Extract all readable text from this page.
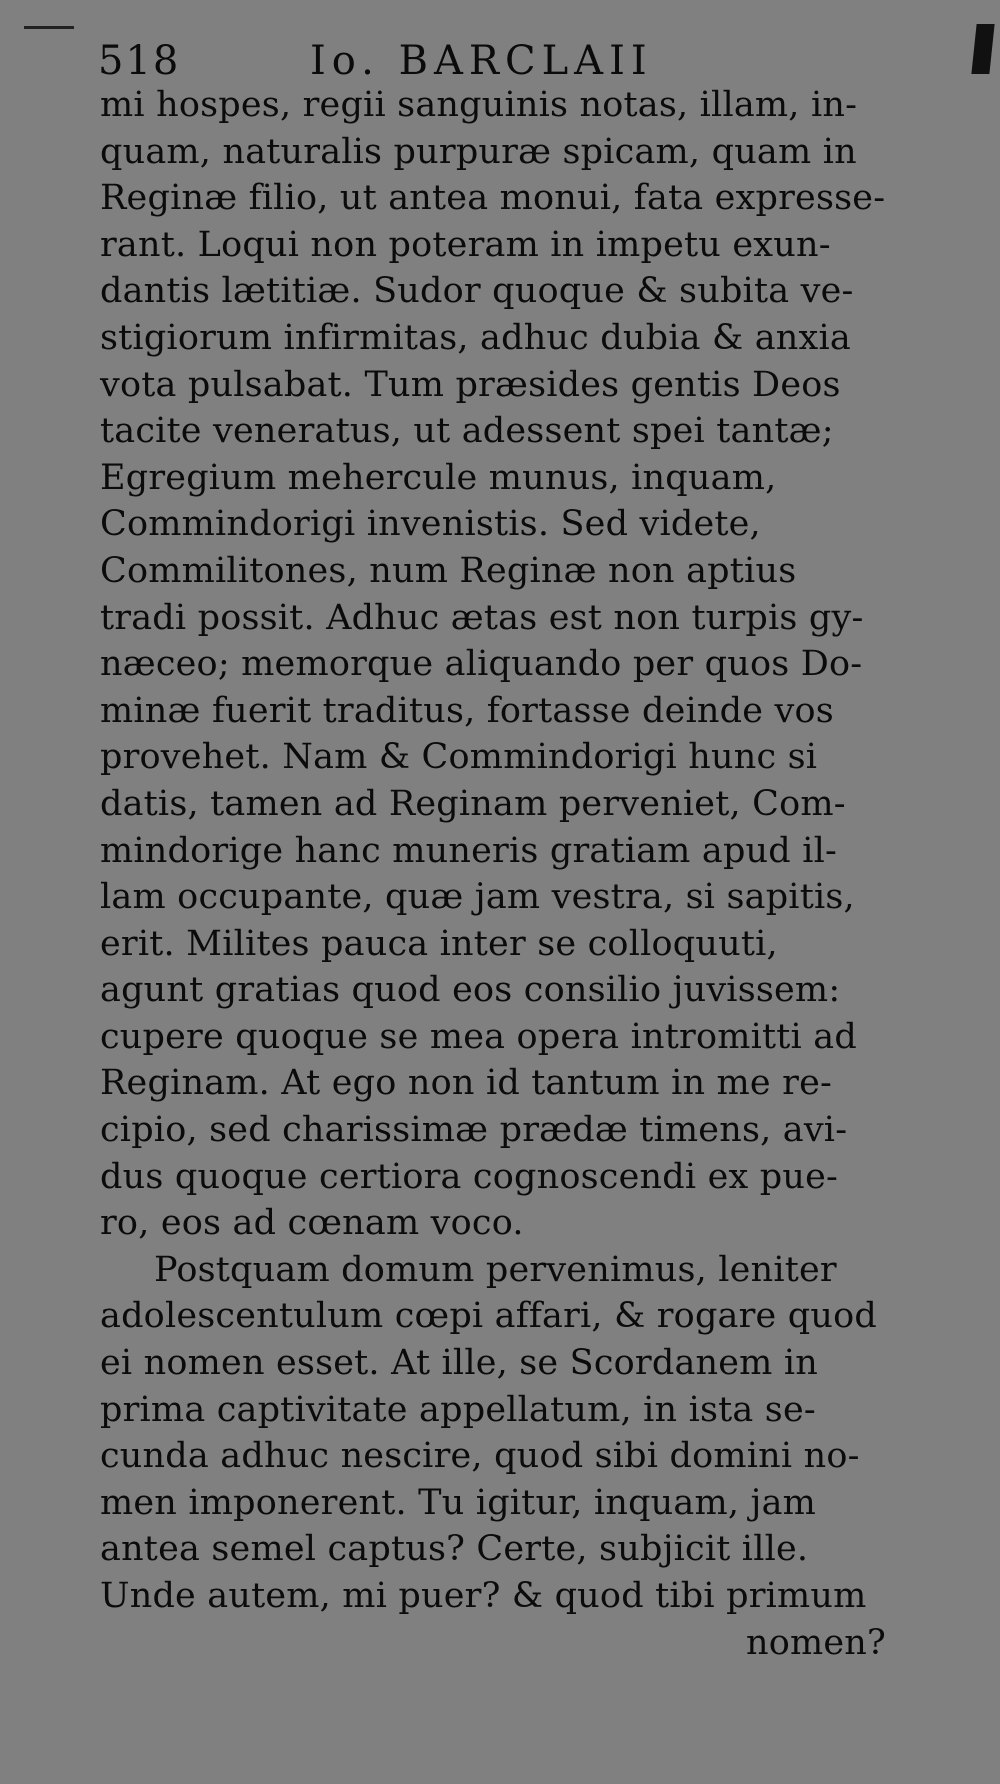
518	Io. BARCLAII
mi hospes, regii sanguinis notas, illam, in-
quam, naturalis purpuræ spicam, quam in
Reginæ filio, ut antea monui, fata expresse-
rant. Loqui non poteram in impetu exun-
dantis lætitiæ. Sudor quoque & subita ve-
stigiorum infirmitas, adhuc dubia & anxia
vota pulsabat. Tum præsides gentis Deos
tacite veneratus, ut adessent spei tantæ;
Egregium mehercule munus, inquam,
Commindorigi invenistis. Sed videte,
Commilitones, num Reginæ non aptius
tradi possit. Adhuc ætas est non turpis gy-
næceo; memorque aliquando per quos Do-
minæ fuerit traditus, fortasse deinde vos
provehet. Nam & Commindorigi hunc si
datis, tamen ad Reginam perveniet, Com-
mindorige hanc muneris gratiam apud il-
lam occupante, quæ jam vestra, si sapitis,
erit. Milites pauca inter se colloquuti,
agunt gratias quod eos consilio juvissem:
cupere quoque se mea opera intromitti ad
Reginam. At ego non id tantum in me re-
cipio, sed charissimæ prædæ timens, avi-
dus quoque certiora cognoscendi ex pue-
ro, eos ad cœnam voco.
Postquam domum pervenimus, leniter
adolescentulum cœpi affari, & rogare quod
ei nomen esset. At ille, se Scordanem in
prima captivitate appellatum, in ista se-
cunda adhuc nescire, quod sibi domini no-
men imponerent. Tu igitur, inquam, jam
antea semel captus? Certe, subjicit ille.
Unde autem, mi puer? & quod tibi primum
nomen?
